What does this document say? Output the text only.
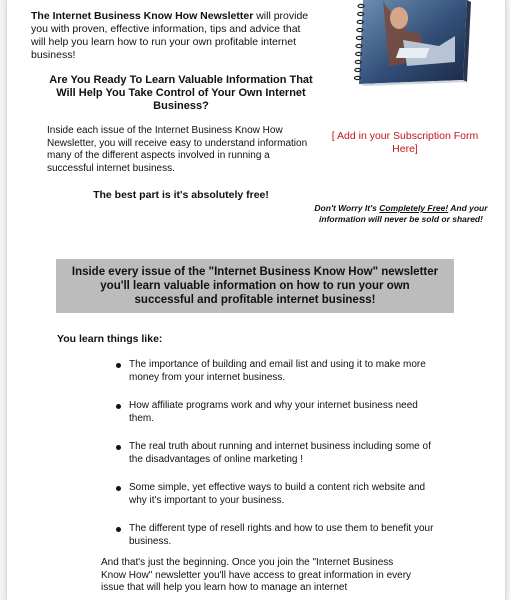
The Internet Business Know How Newsletter will provide you with proven, effective information, tips and advice that will help you learn how to run your own profitable internet business!
Are You Ready To Learn Valuable Information That Will Help You Take Control of Your Own Internet Business?
Inside each issue of the Internet Business Know How Newsletter, you will receive easy to understand information many of the different aspects involved in running a successful internet business.
The best part is it's absolutely free!
[ Add in your Subscription Form Here]
Don't Worry It's Completely Free! And your information will never be sold or shared!
Inside every issue of the "Internet Business Know How" newsletter you'll learn valuable information on how to run your own successful and profitable internet business!
You learn things like:
The importance of building and email list and using it to make more money from your internet business.
How affiliate programs work and why your internet business need them.
The real truth about running and internet business including some of the disadvantages of online marketing !
Some simple, yet effective ways to build a content rich website and why it's important to your business.
The different type of resell rights and how to use them to benefit your business.
And that's just the beginning. Once you join the "Internet Business Know How" newsletter you'll have access to great information in every issue that will help you learn how to manage an internet
